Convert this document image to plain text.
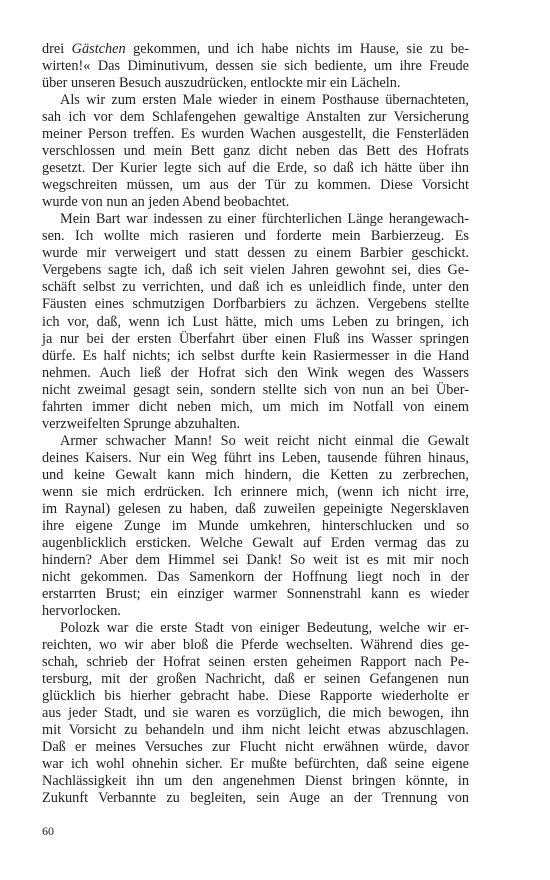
drei Gästchen gekommen, und ich habe nichts im Hause, sie zu be-
wirten!« Das Diminutivum, dessen sie sich bediente, um ihre Freude
über unseren Besuch auszudrücken, entlockte mir ein Lächeln.
Als wir zum ersten Male wieder in einem Posthause übernachteten,
sah ich vor dem Schlafengehen gewaltige Anstalten zur Versicherung
meiner Person treffen. Es wurden Wachen ausgestellt, die Fensterläden
verschlossen und mein Bett ganz dicht neben das Bett des Hofrats
gesetzt. Der Kurier legte sich auf die Erde, so daß ich hätte über ihn
wegschreiten müssen, um aus der Tür zu kommen. Diese Vorsicht
wurde von nun an jeden Abend beobachtet.
Mein Bart war indessen zu einer fürchterlichen Länge herangewach-
sen. Ich wollte mich rasieren und forderte mein Barbierzeug. Es
wurde mir verweigert und statt dessen zu einem Barbier geschickt.
Vergebens sagte ich, daß ich seit vielen Jahren gewohnt sei, dies Ge-
schäft selbst zu verrichten, und daß ich es unleidlich finde, unter den
Fäusten eines schmutzigen Dorfbarbiers zu ächzen. Vergebens stellte
ich vor, daß, wenn ich Lust hätte, mich ums Leben zu bringen, ich
ja nur bei der ersten Überfahrt über einen Fluß ins Wasser springen
dürfe. Es half nichts; ich selbst durfte kein Rasiermesser in die Hand
nehmen. Auch ließ der Hofrat sich den Wink wegen des Wassers
nicht zweimal gesagt sein, sondern stellte sich von nun an bei Über-
fahrten immer dicht neben mich, um mich im Notfall von einem
verzweifelten Sprunge abzuhalten.
Armer schwacher Mann! So weit reicht nicht einmal die Gewalt
deines Kaisers. Nur ein Weg führt ins Leben, tausende führen hinaus,
und keine Gewalt kann mich hindern, die Ketten zu zerbrechen,
wenn sie mich erdrücken. Ich erinnere mich, (wenn ich nicht irre,
im Raynal) gelesen zu haben, daß zuweilen gepeinigte Negersklaven
ihre eigene Zunge im Munde umkehren, hinterschlucken und so
augenblicklich ersticken. Welche Gewalt auf Erden vermag das zu
hindern? Aber dem Himmel sei Dank! So weit ist es mit mir noch
nicht gekommen. Das Samenkorn der Hoffnung liegt noch in der
erstarrten Brust; ein einziger warmer Sonnenstrahl kann es wieder
hervorlocken.
Polozk war die erste Stadt von einiger Bedeutung, welche wir er-
reichten, wo wir aber bloß die Pferde wechselten. Während dies ge-
schah, schrieb der Hofrat seinen ersten geheimen Rapport nach Pe-
tersburg, mit der großen Nachricht, daß er seinen Gefangenen nun
glücklich bis hierher gebracht habe. Diese Rapporte wiederholte er
aus jeder Stadt, und sie waren es vorzüglich, die mich bewogen, ihn
mit Vorsicht zu behandeln und ihm nicht leicht etwas abzuschlagen.
Daß er meines Versuches zur Flucht nicht erwähnen würde, davor
war ich wohl ohnehin sicher. Er mußte befürchten, daß seine eigene
Nachlässigkeit ihn um den angenehmen Dienst bringen könnte, in
Zukunft Verbannte zu begleiten, sein Auge an der Trennung von
60
